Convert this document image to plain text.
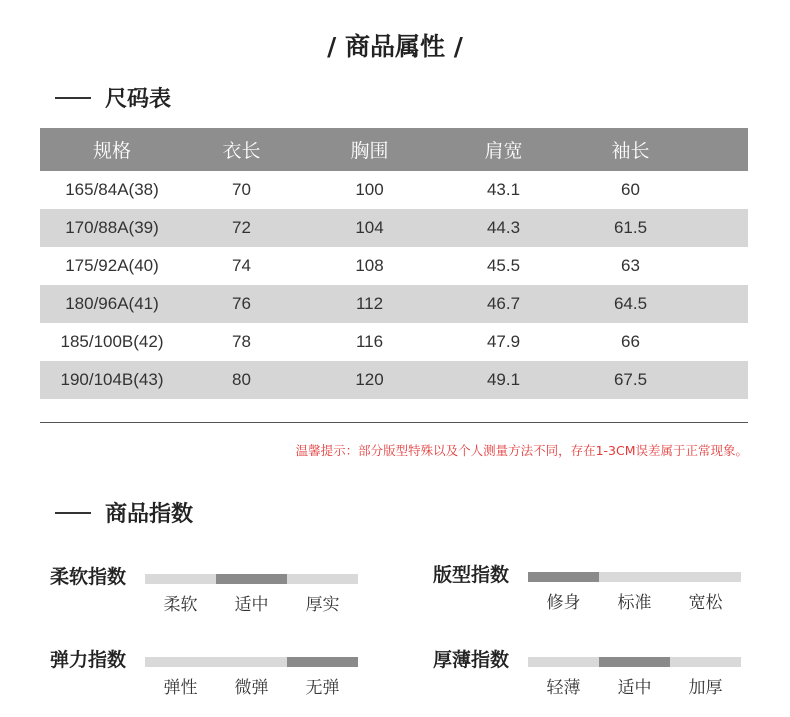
/ 商品属性 /
尺码表
规格	衣长	胸围	肩宽	袖长	
165/84A(38)	70	100	43.1	60	
170/88A(39)	72	104	44.3	61.5	
175/92A(40)	74	108	45.5	63	
180/96A(41)	76	112	46.7	64.5	
185/100B(42)	78	116	47.9	66	
190/104B(43)	80	120	49.1	67.5	
温馨提示：部分版型特殊以及个人测量方法不同，存在1-3CM误差属于正常现象。
商品指数
柔软指数
柔软	适中	厚实
版型指数
修身	标准	宽松
弹力指数
弹性	微弹	无弹
厚薄指数
轻薄	适中	加厚
